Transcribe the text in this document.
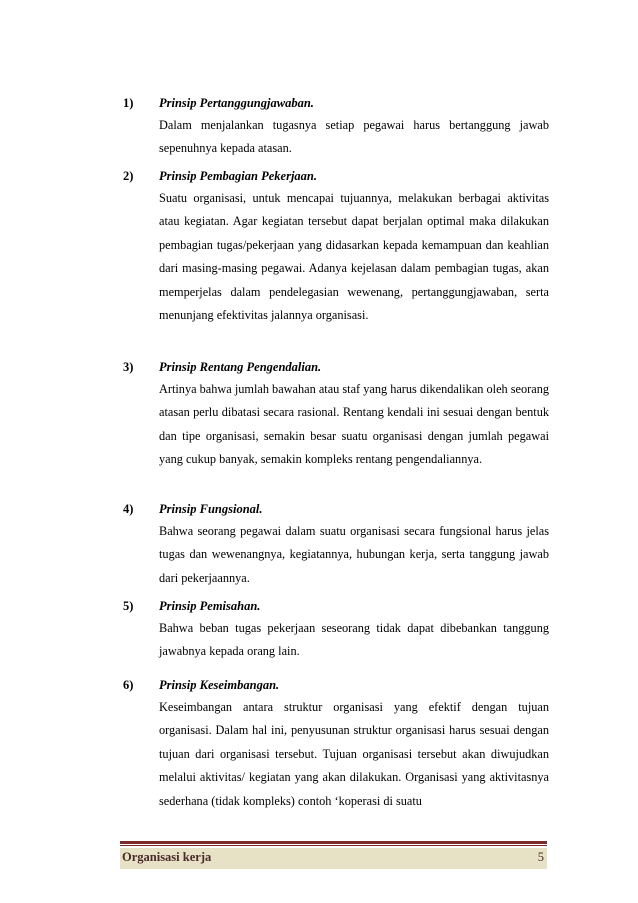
1) Prinsip Pertanggungjawaban.
Dalam menjalankan tugasnya setiap pegawai harus bertanggung jawab sepenuhnya kepada atasan.
2) Prinsip Pembagian Pekerjaan.
Suatu organisasi, untuk mencapai tujuannya, melakukan berbagai aktivitas atau kegiatan. Agar kegiatan tersebut dapat berjalan optimal maka dilakukan pembagian tugas/pekerjaan yang didasarkan kepada kemampuan dan keahlian dari masing-masing pegawai. Adanya kejelasan dalam pembagian tugas, akan memperjelas dalam pendelegasian wewenang, pertanggungjawaban, serta menunjang efektivitas jalannya organisasi.
3) Prinsip Rentang Pengendalian.
Artinya bahwa jumlah bawahan atau staf yang harus dikendalikan oleh seorang atasan perlu dibatasi secara rasional. Rentang kendali ini sesuai dengan bentuk dan tipe organisasi, semakin besar suatu organisasi dengan jumlah pegawai yang cukup banyak, semakin kompleks rentang pengendaliannya.
4) Prinsip Fungsional.
Bahwa seorang pegawai dalam suatu organisasi secara fungsional harus jelas tugas dan wewenangnya, kegiatannya, hubungan kerja, serta tanggung jawab dari pekerjaannya.
5) Prinsip Pemisahan.
Bahwa beban tugas pekerjaan seseorang tidak dapat dibebankan tanggung jawabnya kepada orang lain.
6) Prinsip Keseimbangan.
Keseimbangan antara struktur organisasi yang efektif dengan tujuan organisasi. Dalam hal ini, penyusunan struktur organisasi harus sesuai dengan tujuan dari organisasi tersebut. Tujuan organisasi tersebut akan diwujudkan melalui aktivitas/ kegiatan yang akan dilakukan. Organisasi yang aktivitasnya sederhana (tidak kompleks) contoh ‘koperasi di suatu
Organisasi kerja	5
